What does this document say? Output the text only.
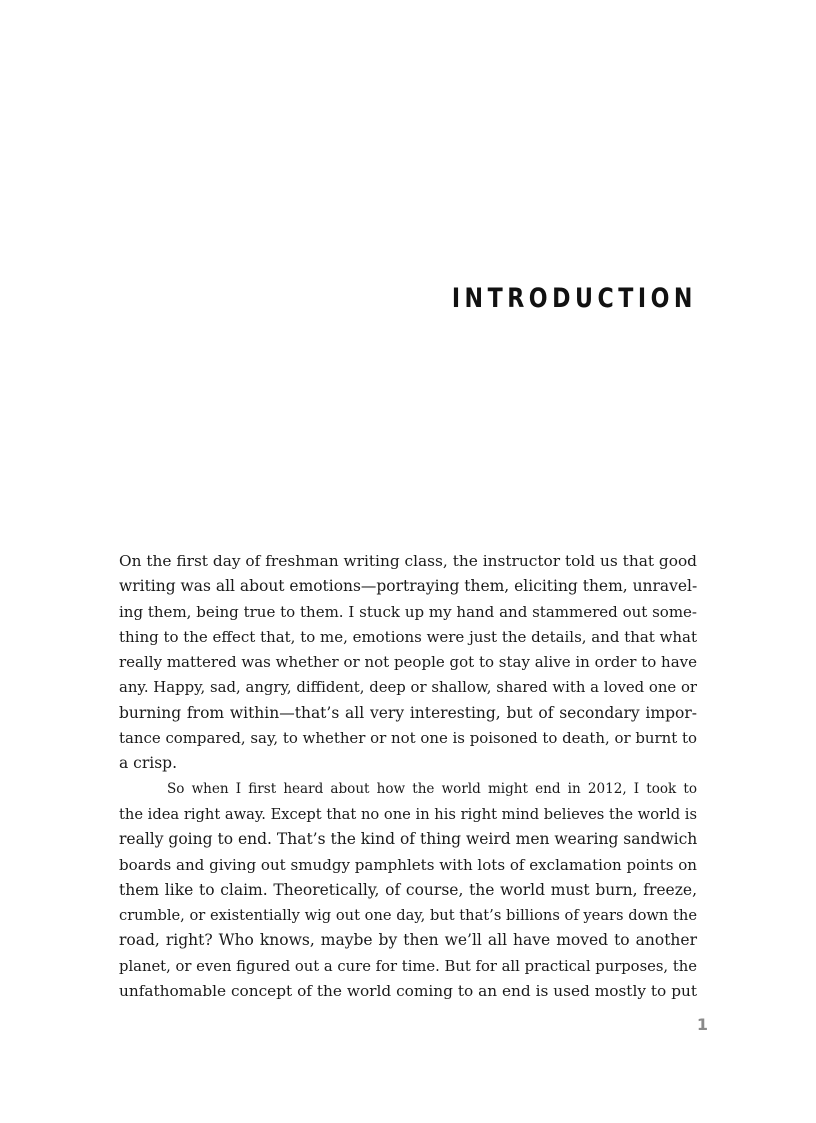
INTRODUCTION

On the first day of freshman writing class, the instructor told us that good
writing was all about emotions—portraying them, eliciting them, unravel-
ing them, being true to them. I stuck up my hand and stammered out some-
thing to the effect that, to me, emotions were just the details, and that what
really mattered was whether or not people got to stay alive in order to have
any. Happy, sad, angry, diffident, deep or shallow, shared with a loved one or
burning from within—that’s all very interesting, but of secondary impor-
tance compared, say, to whether or not one is poisoned to death, or burnt to
a crisp.

So when I first heard about how the world might end in 2012, I took to
the idea right away. Except that no one in his right mind believes the world is
really going to end. That’s the kind of thing weird men wearing sandwich
boards and giving out smudgy pamphlets with lots of exclamation points on
them like to claim. Theoretically, of course, the world must burn, freeze,
crumble, or existentially wig out one day, but that’s billions of years down the
road, right? Who knows, maybe by then we’ll all have moved to another
planet, or even figured out a cure for time. But for all practical purposes, the
unfathomable concept of the world coming to an end is used mostly to put

1
